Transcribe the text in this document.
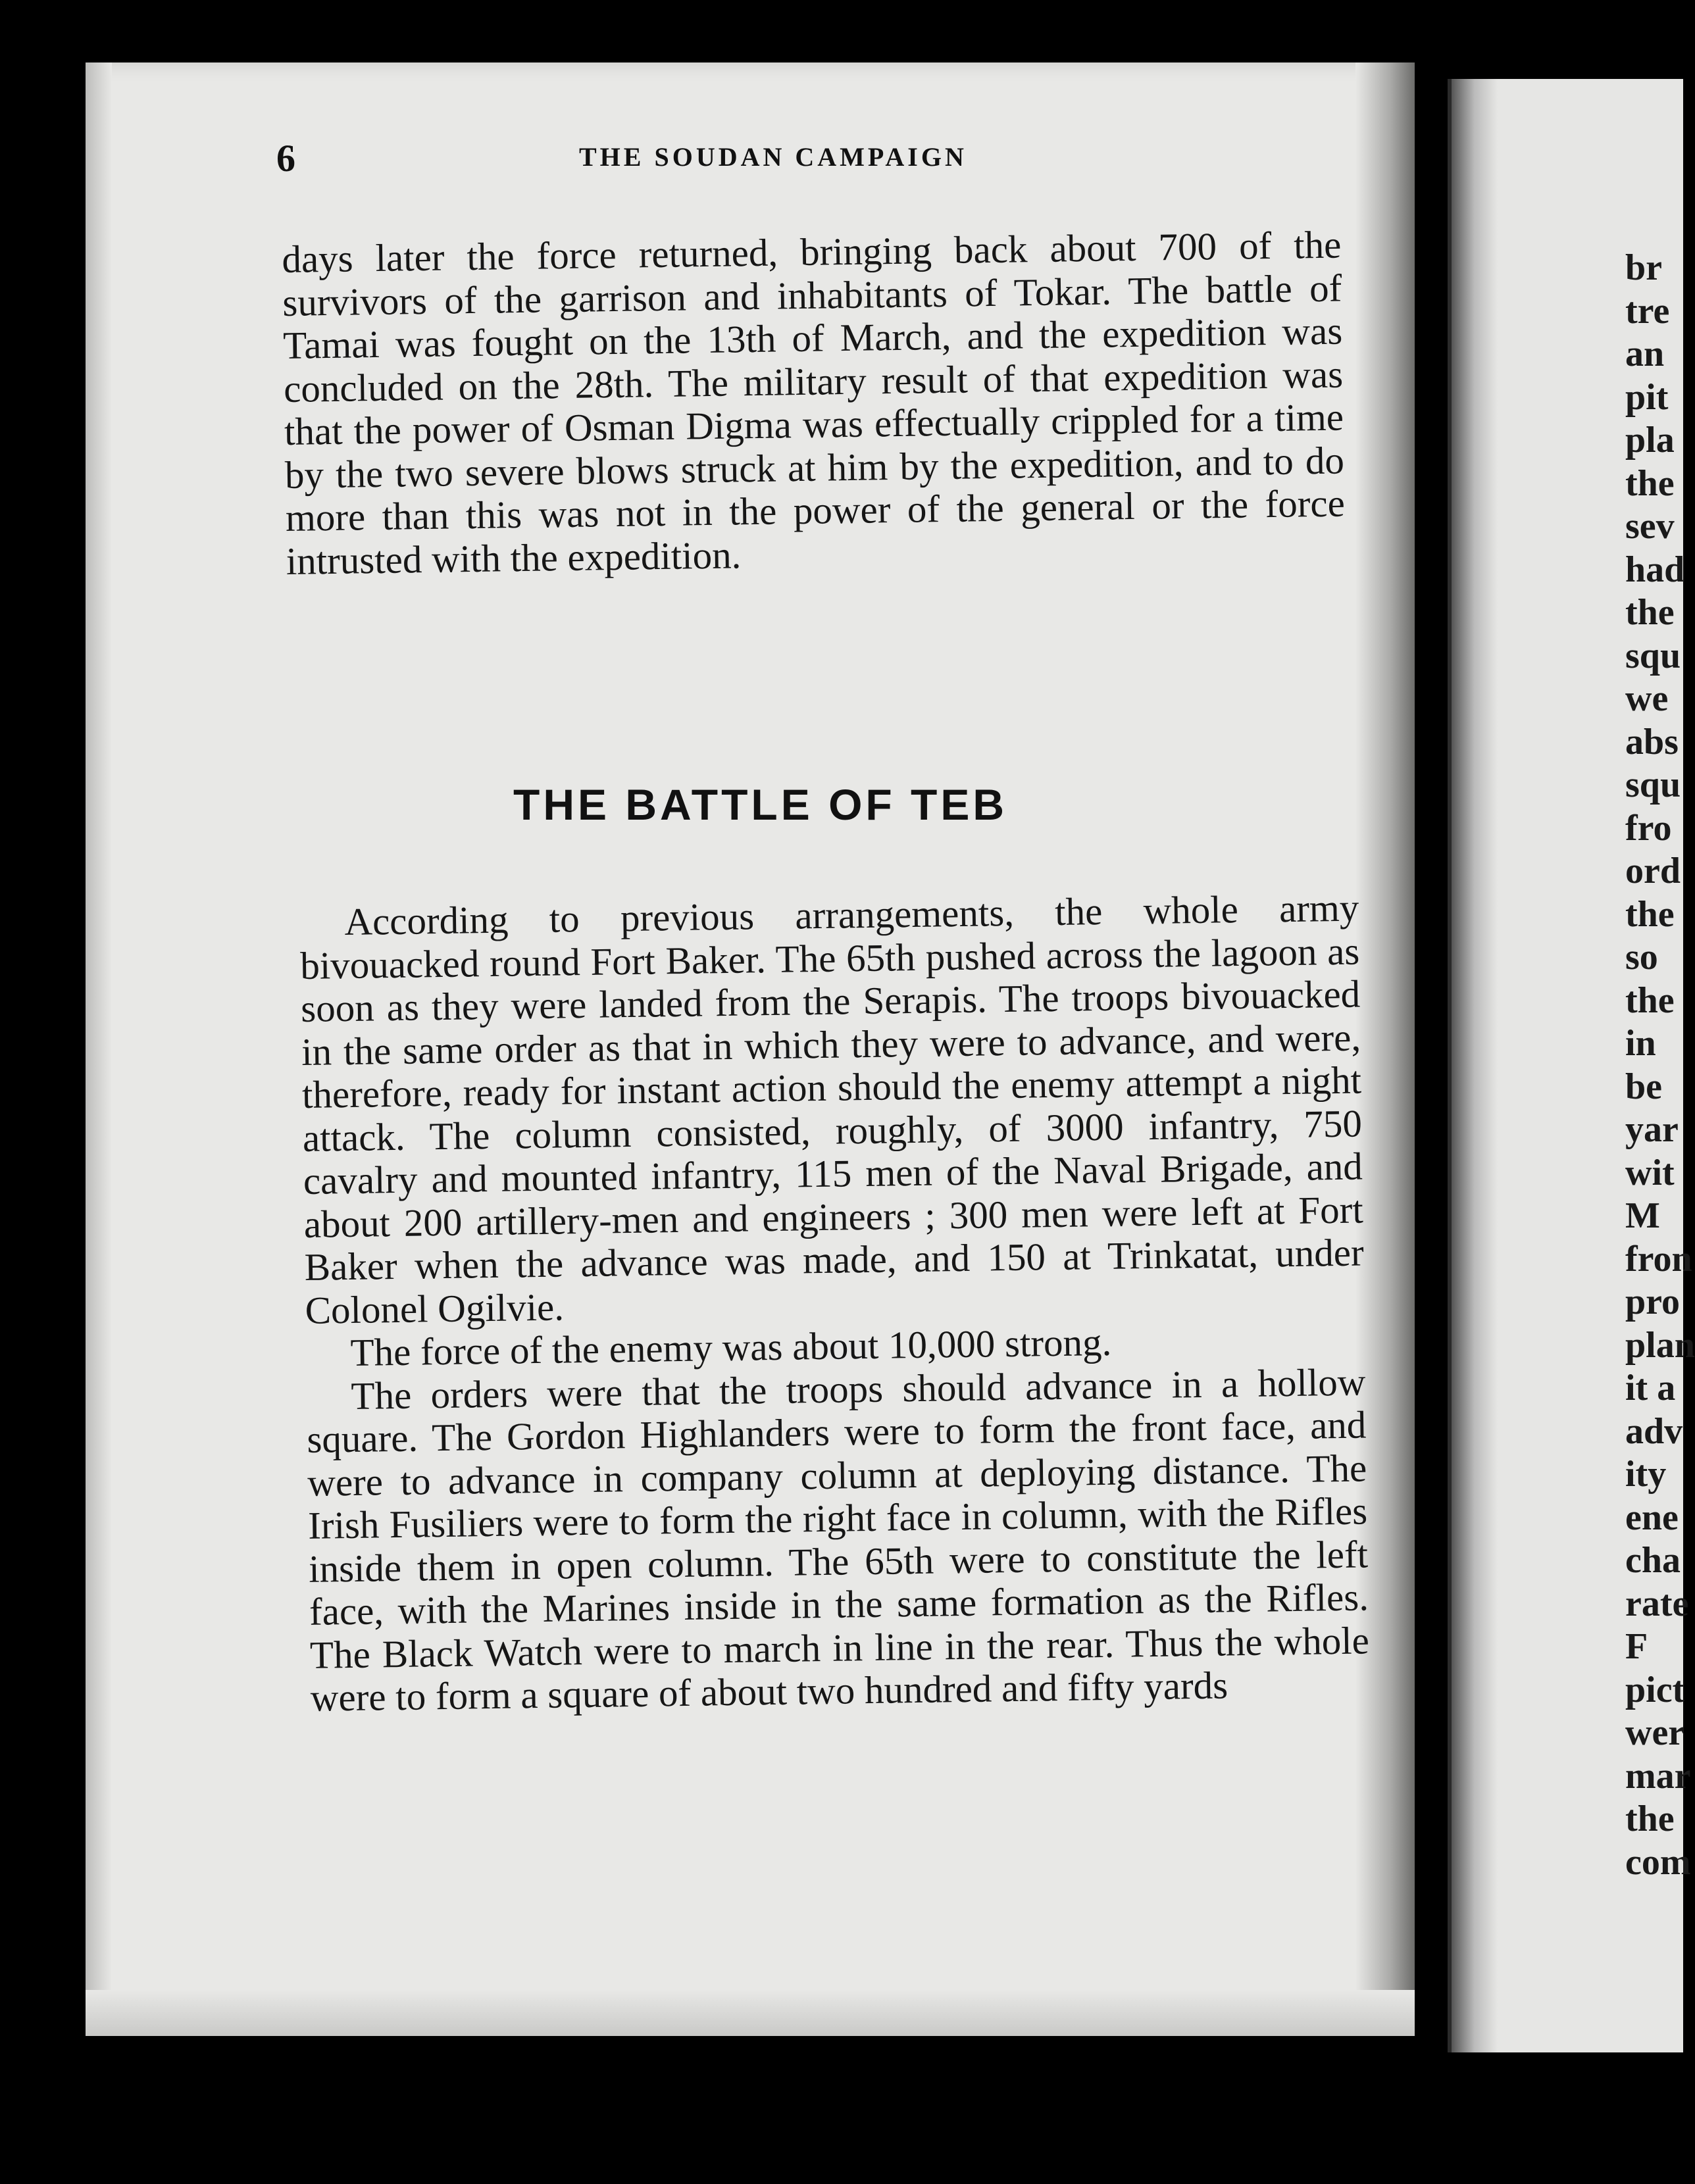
br
tre
an
pit
pla
the
sev
had
the
squ
we
abs
squ
fro
ord
the
so
the
in
be
yar
wit
M
fron
pro
plan
it a
adv
ity
ene
cha
rate
F
pict
wer
mar
the
com
6	THE SOUDAN CAMPAIGN

days later the force returned, bringing back about 700 of the survivors of the garrison and inhabitants of Tokar. The battle of Tamai was fought on the 13th of March, and the expedition was concluded on the 28th. The military result of that expedition was that the power of Osman Digma was effectually crippled for a time by the two severe blows struck at him by the expedition, and to do more than this was not in the power of the general or the force intrusted with the expedition.

THE BATTLE OF TEB

According to previous arrangements, the whole army bivouacked round Fort Baker. The 65th pushed across the lagoon as soon as they were landed from the Serapis. The troops bivouacked in the same order as that in which they were to advance, and were, therefore, ready for instant action should the enemy attempt a night attack. The column consisted, roughly, of 3000 infantry, 750 cavalry and mounted infantry, 115 men of the Naval Brigade, and about 200 artillery-men and engineers ; 300 men were left at Fort Baker when the advance was made, and 150 at Trinkatat, under Colonel Ogilvie.

The force of the enemy was about 10,000 strong.

The orders were that the troops should advance in a hollow square. The Gordon Highlanders were to form the front face, and were to advance in company column at deploying distance. The Irish Fusiliers were to form the right face in column, with the Rifles inside them in open column. The 65th were to constitute the left face, with the Marines inside in the same formation as the Rifles. The Black Watch were to march in line in the rear. Thus the whole were to form a square of about two hundred and fifty yards
